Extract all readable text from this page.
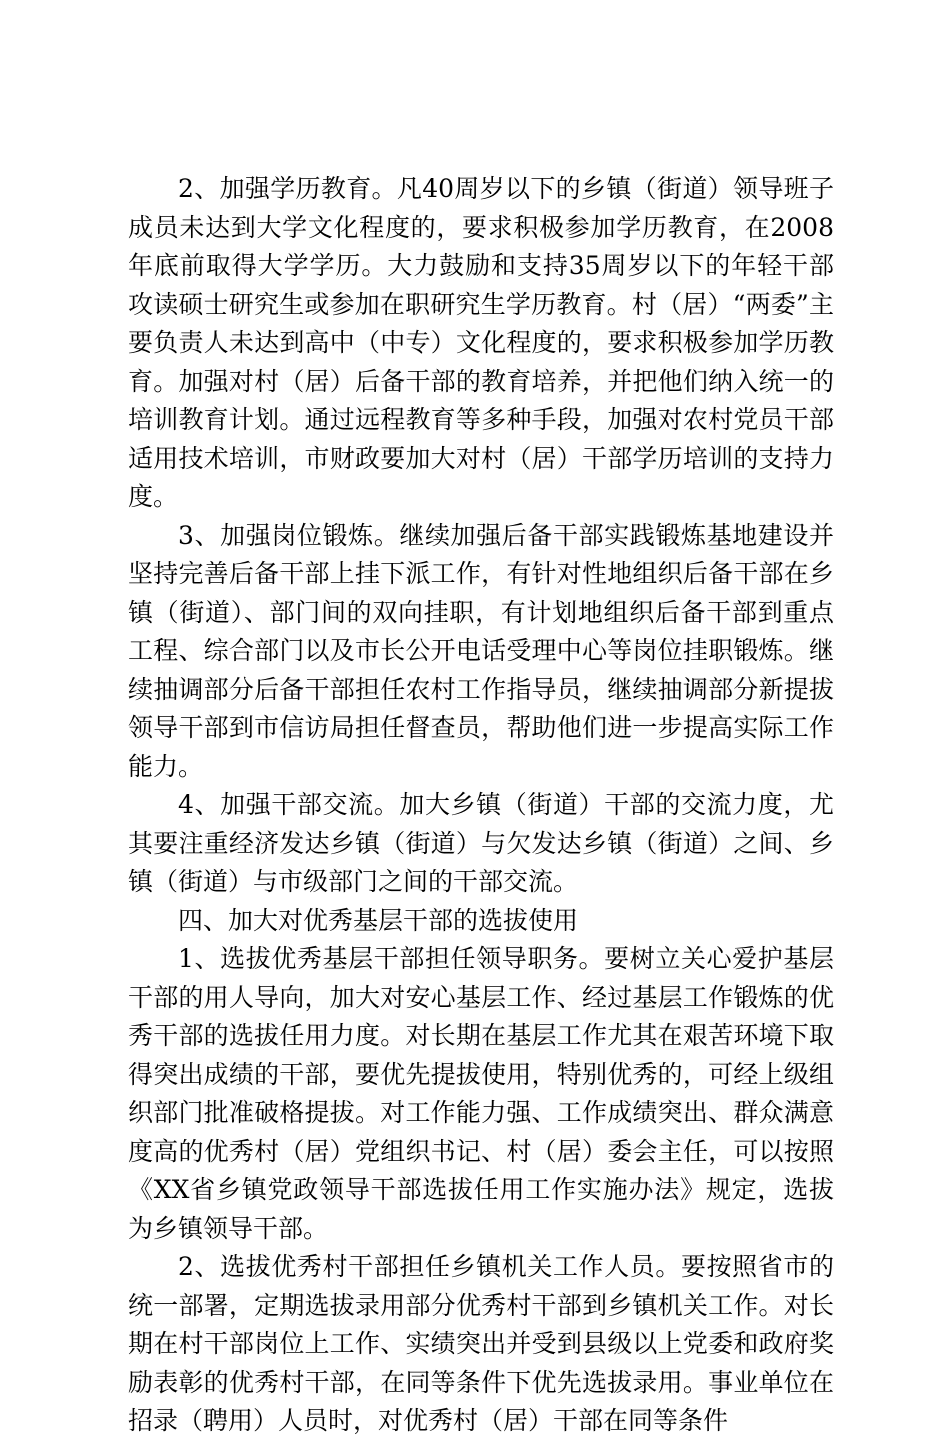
2、加强学历教育。凡40周岁以下的乡镇（街道）领导班子成员未达到大学文化程度的，要求积极参加学历教育，在2008年底前取得大学学历。大力鼓励和支持35周岁以下的年轻干部攻读硕士研究生或参加在职研究生学历教育。村（居）“两委”主要负责人未达到高中（中专）文化程度的，要求积极参加学历教育。加强对村（居）后备干部的教育培养，并把他们纳入统一的培训教育计划。通过远程教育等多种手段，加强对农村党员干部适用技术培训，市财政要加大对村（居）干部学历培训的支持力度。

3、加强岗位锻炼。继续加强后备干部实践锻炼基地建设并坚持完善后备干部上挂下派工作，有针对性地组织后备干部在乡镇（街道）、部门间的双向挂职，有计划地组织后备干部到重点工程、综合部门以及市长公开电话受理中心等岗位挂职锻炼。继续抽调部分后备干部担任农村工作指导员，继续抽调部分新提拔领导干部到市信访局担任督查员，帮助他们进一步提高实际工作能力。

4、加强干部交流。加大乡镇（街道）干部的交流力度，尤其要注重经济发达乡镇（街道）与欠发达乡镇（街道）之间、乡镇（街道）与市级部门之间的干部交流。

四、加大对优秀基层干部的选拔使用

1、选拔优秀基层干部担任领导职务。要树立关心爱护基层干部的用人导向，加大对安心基层工作、经过基层工作锻炼的优秀干部的选拔任用力度。对长期在基层工作尤其在艰苦环境下取得突出成绩的干部，要优先提拔使用，特别优秀的，可经上级组织部门批准破格提拔。对工作能力强、工作成绩突出、群众满意度高的优秀村（居）党组织书记、村（居）委会主任，可以按照《XX省乡镇党政领导干部选拔任用工作实施办法》规定，选拔为乡镇领导干部。

2、选拔优秀村干部担任乡镇机关工作人员。要按照省市的统一部署，定期选拔录用部分优秀村干部到乡镇机关工作。对长期在村干部岗位上工作、实绩突出并受到县级以上党委和政府奖励表彰的优秀村干部，在同等条件下优先选拔录用。事业单位在招录（聘用）人员时，对优秀村（居）干部在同等条件
